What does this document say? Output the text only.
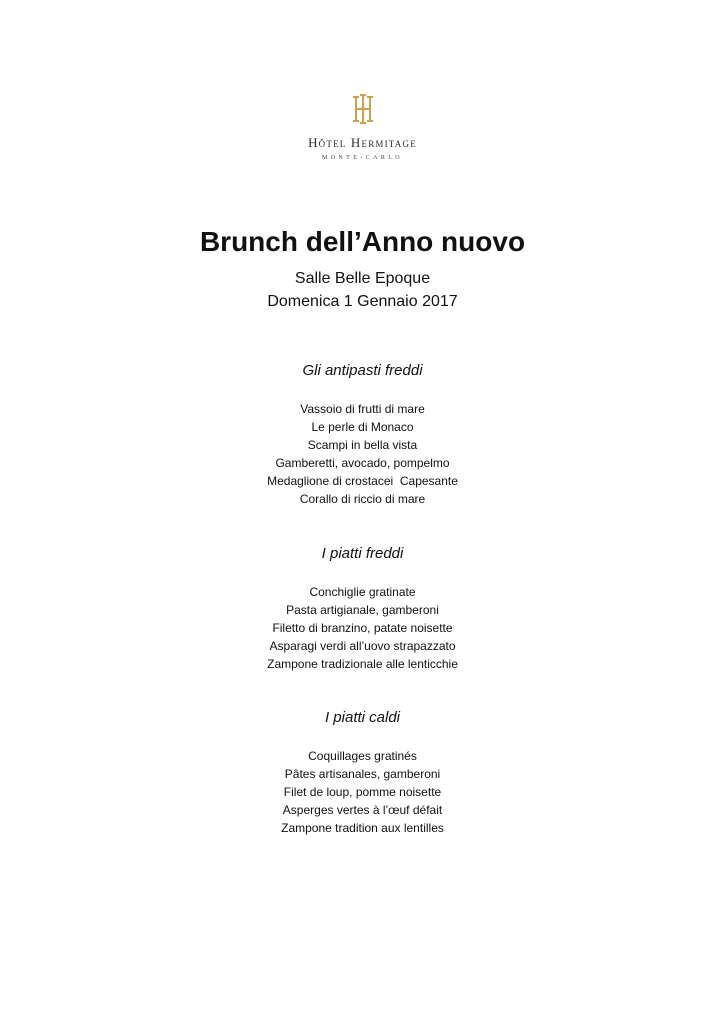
Hôtel Hermitage
MONTE-CARLO
Brunch dell’Anno nuovo
Salle Belle Epoque
Domenica 1 Gennaio 2017
Gli antipasti freddi
Vassoio di frutti di mare
Le perle di Monaco
Scampi in bella vista
Gamberetti, avocado, pompelmo
Medaglione di crostacei  Capesante
Corallo di riccio di mare
I piatti freddi
Conchiglie gratinate
Pasta artigianale, gamberoni
Filetto di branzino, patate noisette
Asparagi verdi all’uovo strapazzato
Zampone tradizionale alle lenticchie
I piatti caldi
Coquillages gratinés
Pâtes artisanales, gamberoni
Filet de loup, pomme noisette
Asperges vertes à l’œuf défait
Zampone tradition aux lentilles
